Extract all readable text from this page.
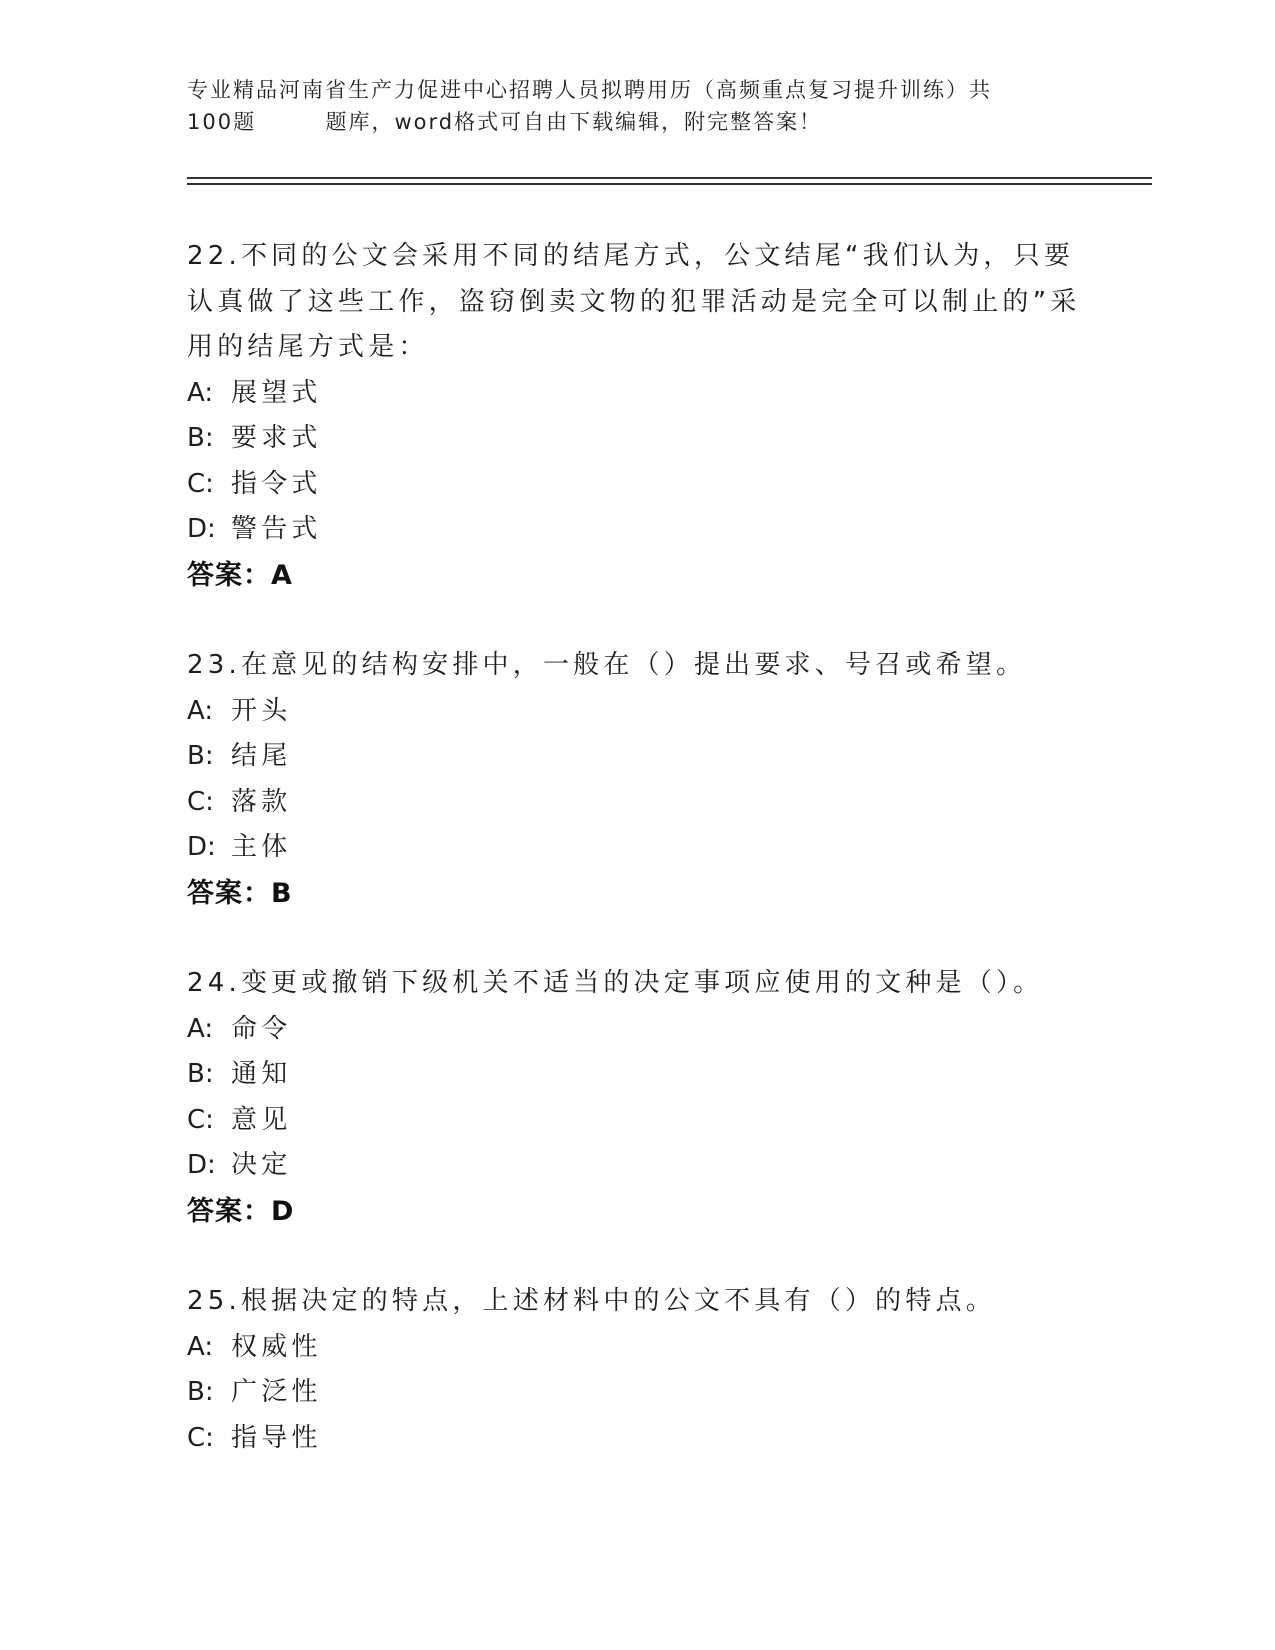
专业精品河南省生产力促进中心招聘人员拟聘用历（高频重点复习提升训练）共
100题        题库，word格式可自由下载编辑，附完整答案！
22.不同的公文会采用不同的结尾方式，公文结尾“我们认为，只要认真做了这些工作，盗窃倒卖文物的犯罪活动是完全可以制止的”采用的结尾方式是：
A: 展望式
B: 要求式
C: 指令式
D: 警告式
答案：A
23.在意见的结构安排中，一般在（）提出要求、号召或希望。
A: 开头
B: 结尾
C: 落款
D: 主体
答案：B
24.变更或撤销下级机关不适当的决定事项应使用的文种是（）。
A: 命令
B: 通知
C: 意见
D: 决定
答案：D
25.根据决定的特点，上述材料中的公文不具有（）的特点。
A: 权威性
B: 广泛性
C: 指导性
